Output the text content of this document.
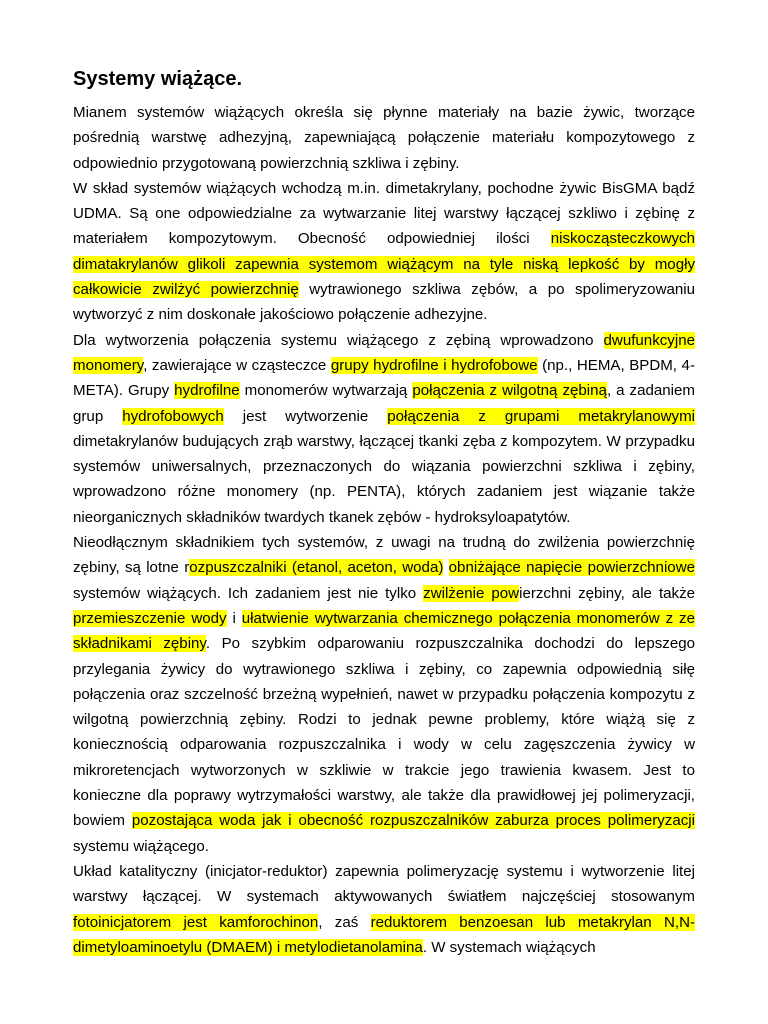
Systemy wiążące.

Mianem systemów wiążących określa się płynne materiały na bazie żywic, tworzące pośrednią warstwę adhezyjną, zapewniającą połączenie materiału kompozytowego z odpowiednio przygotowaną powierzchnią szkliwa i zębiny.

W skład systemów wiążących wchodzą m.in. dimetakrylany, pochodne żywic BisGMA bądź UDMA. Są one odpowiedzialne za wytwarzanie litej warstwy łączącej szkliwo i zębinę z materiałem kompozytowym. Obecność odpowiedniej ilości niskocząsteczkowych dimatakrylanów glikoli zapewnia systemom wiążącym na tyle niską lepkość by mogły całkowicie zwilżyć powierzchnię wytrawionego szkliwa zębów, a po spolimeryzowaniu wytworzyć z nim doskonałe jakościowo połączenie adhezyjne.

Dla wytworzenia połączenia systemu wiążącego z zębiną wprowadzono dwufunkcyjne monomery, zawierające w cząsteczce grupy hydrofilne i hydrofobowe (np., HEMA, BPDM, 4-META). Grupy hydrofilne monomerów wytwarzają połączenia z wilgotną zębiną, a zadaniem grup hydrofobowych jest wytworzenie połączenia z grupami metakrylanowymi dimetakrylanów budujących zrąb warstwy, łączącej tkanki zęba z kompozytem. W przypadku systemów uniwersalnych, przeznaczonych do wiązania powierzchni szkliwa i zębiny, wprowadzono różne monomery (np. PENTA), których zadaniem jest wiązanie także nieorganicznych składników twardych tkanek zębów - hydroksyloapatytów.

Nieodłącznym składnikiem tych systemów, z uwagi na trudną do zwilżenia powierzchnię zębiny, są lotne rozpuszczalniki (etanol, aceton, woda) obniżające napięcie powierzchniowe systemów wiążących. Ich zadaniem jest nie tylko zwilżenie powierzchni zębiny, ale także przemieszczenie wody i ułatwienie wytwarzania chemicznego połączenia monomerów z ze składnikami zębiny. Po szybkim odparowaniu rozpuszczalnika dochodzi do lepszego przylegania żywicy do wytrawionego szkliwa i zębiny, co zapewnia odpowiednią siłę połączenia oraz szczelność brzeżną wypełnień, nawet w przypadku połączenia kompozytu z wilgotną powierzchnią zębiny. Rodzi to jednak pewne problemy, które wiążą się z koniecznością odparowania rozpuszczalnika i wody w celu zagęszczenia żywicy w mikroretencjach wytworzonych w szkliwie w trakcie jego trawienia kwasem. Jest to konieczne dla poprawy wytrzymałości warstwy, ale także dla prawidłowej jej polimeryzacji, bowiem pozostająca woda jak i obecność rozpuszczalników zaburza proces polimeryzacji systemu wiążącego.

Układ katalityczny (inicjator-reduktor) zapewnia polimeryzację systemu i wytworzenie litej warstwy łączącej. W systemach aktywowanych światłem najczęściej stosowanym fotoinicjatorem jest kamforochinon, zaś reduktorem benzoesan lub metakrylan N,N-dimetyloaminoetylu (DMAEM) i metylodietanolamina. W systemach wiążących
